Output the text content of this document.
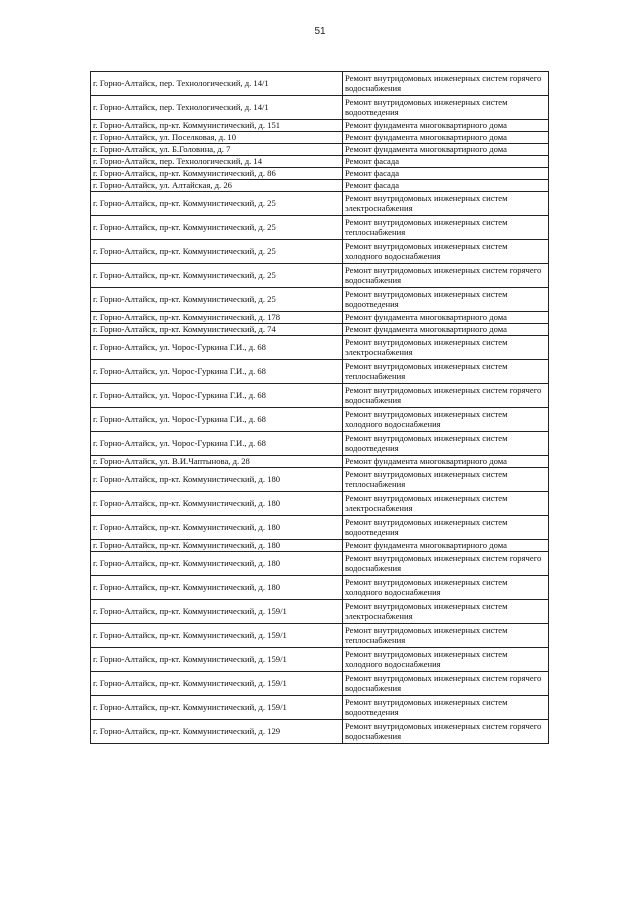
51
г. Горно-Алтайск, пер. Технологический, д. 14/1	Ремонт внутридомовых инженерных систем горячего водоснабжения
г. Горно-Алтайск, пер. Технологический, д. 14/1	Ремонт внутридомовых инженерных систем водоотведения
г. Горно-Алтайск, пр-кт. Коммунистический, д. 151	Ремонт фундамента многоквартирного дома
г. Горно-Алтайск, ул. Поселковая, д. 10	Ремонт фундамента многоквартирного дома
г. Горно-Алтайск, ул. Б.Головина, д. 7	Ремонт фундамента многоквартирного дома
г. Горно-Алтайск, пер. Технологический, д. 14	Ремонт фасада
г. Горно-Алтайск, пр-кт. Коммунистический, д. 86	Ремонт фасада
г. Горно-Алтайск, ул. Алтайская, д. 26	Ремонт фасада
г. Горно-Алтайск, пр-кт. Коммунистический, д. 25	Ремонт внутридомовых инженерных систем электроснабжения
г. Горно-Алтайск, пр-кт. Коммунистический, д. 25	Ремонт внутридомовых инженерных систем теплоснабжения
г. Горно-Алтайск, пр-кт. Коммунистический, д. 25	Ремонт внутридомовых инженерных систем холодного водоснабжения
г. Горно-Алтайск, пр-кт. Коммунистический, д. 25	Ремонт внутридомовых инженерных систем горячего водоснабжения
г. Горно-Алтайск, пр-кт. Коммунистический, д. 25	Ремонт внутридомовых инженерных систем водоотведения
г. Горно-Алтайск, пр-кт. Коммунистический, д. 178	Ремонт фундамента многоквартирного дома
г. Горно-Алтайск, пр-кт. Коммунистический, д. 74	Ремонт фундамента многоквартирного дома
г. Горно-Алтайск, ул. Чорос-Гуркина Г.И., д. 68	Ремонт внутридомовых инженерных систем электроснабжения
г. Горно-Алтайск, ул. Чорос-Гуркина Г.И., д. 68	Ремонт внутридомовых инженерных систем теплоснабжения
г. Горно-Алтайск, ул. Чорос-Гуркина Г.И., д. 68	Ремонт внутридомовых инженерных систем горячего водоснабжения
г. Горно-Алтайск, ул. Чорос-Гуркина Г.И., д. 68	Ремонт внутридомовых инженерных систем холодного водоснабжения
г. Горно-Алтайск, ул. Чорос-Гуркина Г.И., д. 68	Ремонт внутридомовых инженерных систем водоотведения
г. Горно-Алтайск, ул. В.И.Чаптынова, д. 28	Ремонт фундамента многоквартирного дома
г. Горно-Алтайск, пр-кт. Коммунистический, д. 180	Ремонт внутридомовых инженерных систем теплоснабжения
г. Горно-Алтайск, пр-кт. Коммунистический, д. 180	Ремонт внутридомовых инженерных систем электроснабжения
г. Горно-Алтайск, пр-кт. Коммунистический, д. 180	Ремонт внутридомовых инженерных систем водоотведения
г. Горно-Алтайск, пр-кт. Коммунистический, д. 180	Ремонт фундамента многоквартирного дома
г. Горно-Алтайск, пр-кт. Коммунистический, д. 180	Ремонт внутридомовых инженерных систем горячего водоснабжения
г. Горно-Алтайск, пр-кт. Коммунистический, д. 180	Ремонт внутридомовых инженерных систем холодного водоснабжения
г. Горно-Алтайск, пр-кт. Коммунистический, д. 159/1	Ремонт внутридомовых инженерных систем электроснабжения
г. Горно-Алтайск, пр-кт. Коммунистический, д. 159/1	Ремонт внутридомовых инженерных систем теплоснабжения
г. Горно-Алтайск, пр-кт. Коммунистический, д. 159/1	Ремонт внутридомовых инженерных систем холодного водоснабжения
г. Горно-Алтайск, пр-кт. Коммунистический, д. 159/1	Ремонт внутридомовых инженерных систем горячего водоснабжения
г. Горно-Алтайск, пр-кт. Коммунистический, д. 159/1	Ремонт внутридомовых инженерных систем водоотведения
г. Горно-Алтайск, пр-кт. Коммунистический, д. 129	Ремонт внутридомовых инженерных систем горячего водоснабжения
